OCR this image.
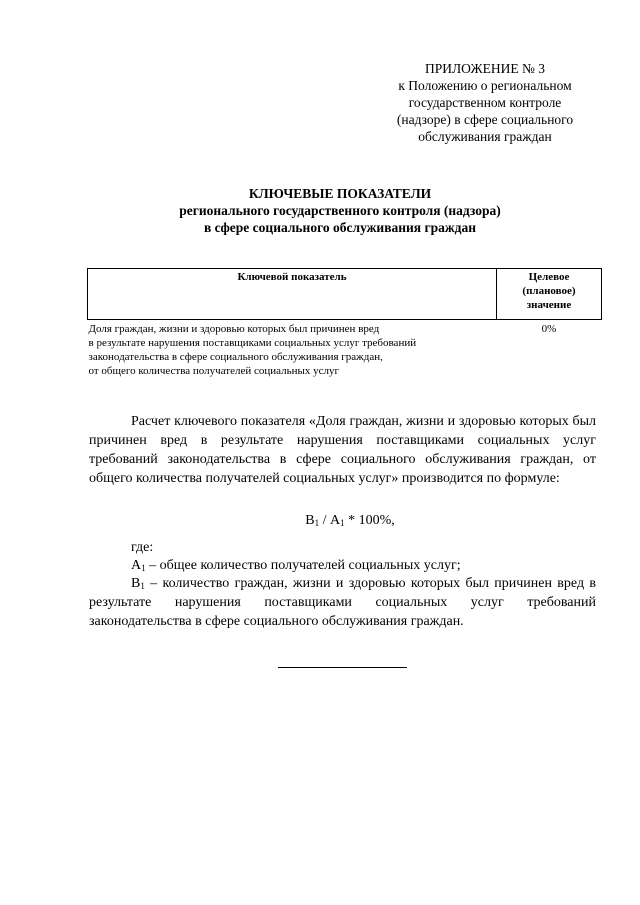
ПРИЛОЖЕНИЕ № 3
к Положению о региональном
государственном контроле
(надзоре) в сфере социального
обслуживания граждан
КЛЮЧЕВЫЕ ПОКАЗАТЕЛИ
регионального государственного контроля (надзора)
в сфере социального обслуживания граждан
Ключевой показатель	Целевое
(плановое)
значение

Доля граждан, жизни и здоровью которых был причинен вред
в результате нарушения поставщиками социальных услуг требований
законодательства в сфере социального обслуживания граждан,
от общего количества получателей социальных услуг	0%
Расчет ключевого показателя «Доля граждан, жизни и здоровью которых был причинен вред в результате нарушения поставщиками социальных услуг требований законодательства в сфере социального обслуживания граждан, от общего количества получателей социальных услуг» производится по формуле:
$В_1 / А_1 * 100\%$,
где:
$А_1$ – общее количество получателей социальных услуг;
$В_1$ – количество граждан, жизни и здоровью которых был причинен вред в результате нарушения поставщиками социальных услуг требований законодательства в сфере социального обслуживания граждан.
